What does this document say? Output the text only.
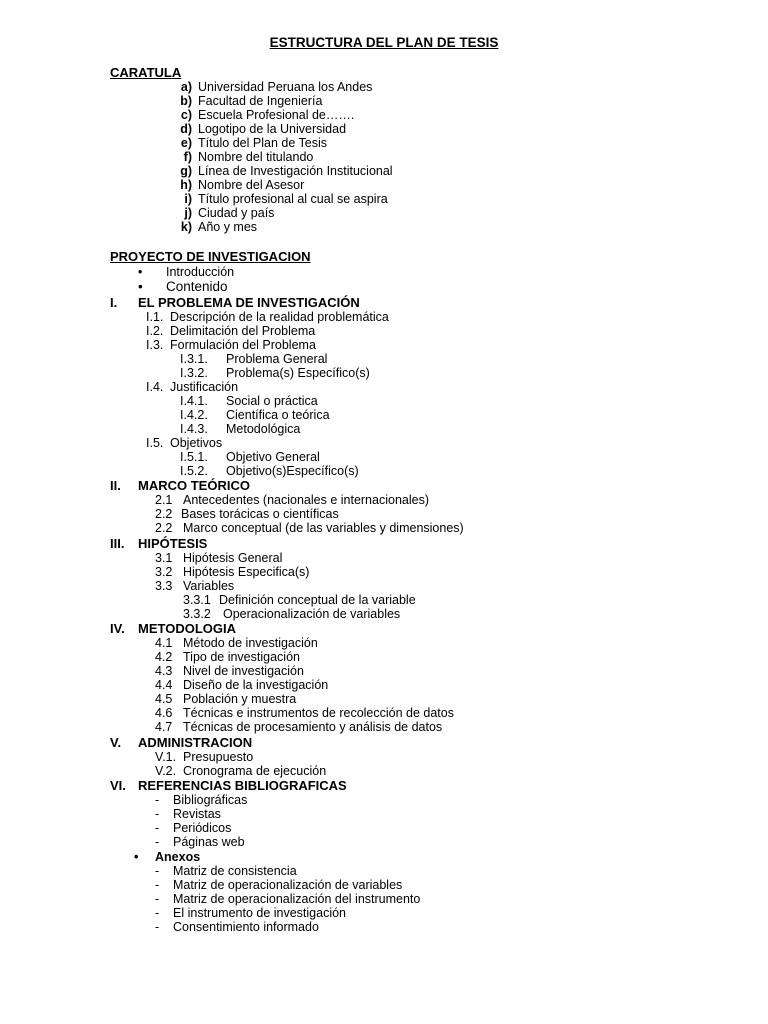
ESTRUCTURA DEL PLAN DE TESIS
CARATULA
a) Universidad Peruana los Andes
b) Facultad de Ingeniería
c) Escuela Profesional de…….
d) Logotipo de la Universidad
e) Título del Plan de Tesis
f) Nombre del titulando
g) Línea de Investigación Institucional
h) Nombre del Asesor
i) Título profesional al cual se aspira
j) Ciudad y país
k) Año y mes
PROYECTO DE INVESTIGACION
• Introducción
• Contenido
I. EL PROBLEMA DE INVESTIGACIÓN
I.1. Descripción de la realidad problemática
I.2. Delimitación del Problema
I.3. Formulación del Problema
I.3.1. Problema General
I.3.2. Problema(s) Específico(s)
I.4. Justificación
I.4.1. Social o práctica
I.4.2. Científica o teórica
I.4.3. Metodológica
I.5. Objetivos
I.5.1. Objetivo General
I.5.2. Objetivo(s)Específico(s)
II. MARCO TEÓRICO
2.1 Antecedentes (nacionales e internacionales)
2.2 Bases torácicas o científicas
2.2 Marco conceptual (de las variables y dimensiones)
III. HIPÓTESIS
3.1 Hipótesis General
3.2 Hipótesis Especifica(s)
3.3 Variables
3.3.1 Definición conceptual de la variable
3.3.2 Operacionalización de variables
IV. METODOLOGIA
4.1 Método de investigación
4.2 Tipo de investigación
4.3 Nivel de investigación
4.4 Diseño de la investigación
4.5 Población y muestra
4.6 Técnicas e instrumentos de recolección de datos
4.7 Técnicas de procesamiento y análisis de datos
V. ADMINISTRACION
V.1. Presupuesto
V.2. Cronograma de ejecución
VI. REFERENCIAS BIBLIOGRAFICAS
- Bibliográficas
- Revistas
- Periódicos
- Páginas web
• Anexos
- Matriz de consistencia
- Matriz de operacionalización de variables
- Matriz de operacionalización del instrumento
- El instrumento de investigación
- Consentimiento informado
